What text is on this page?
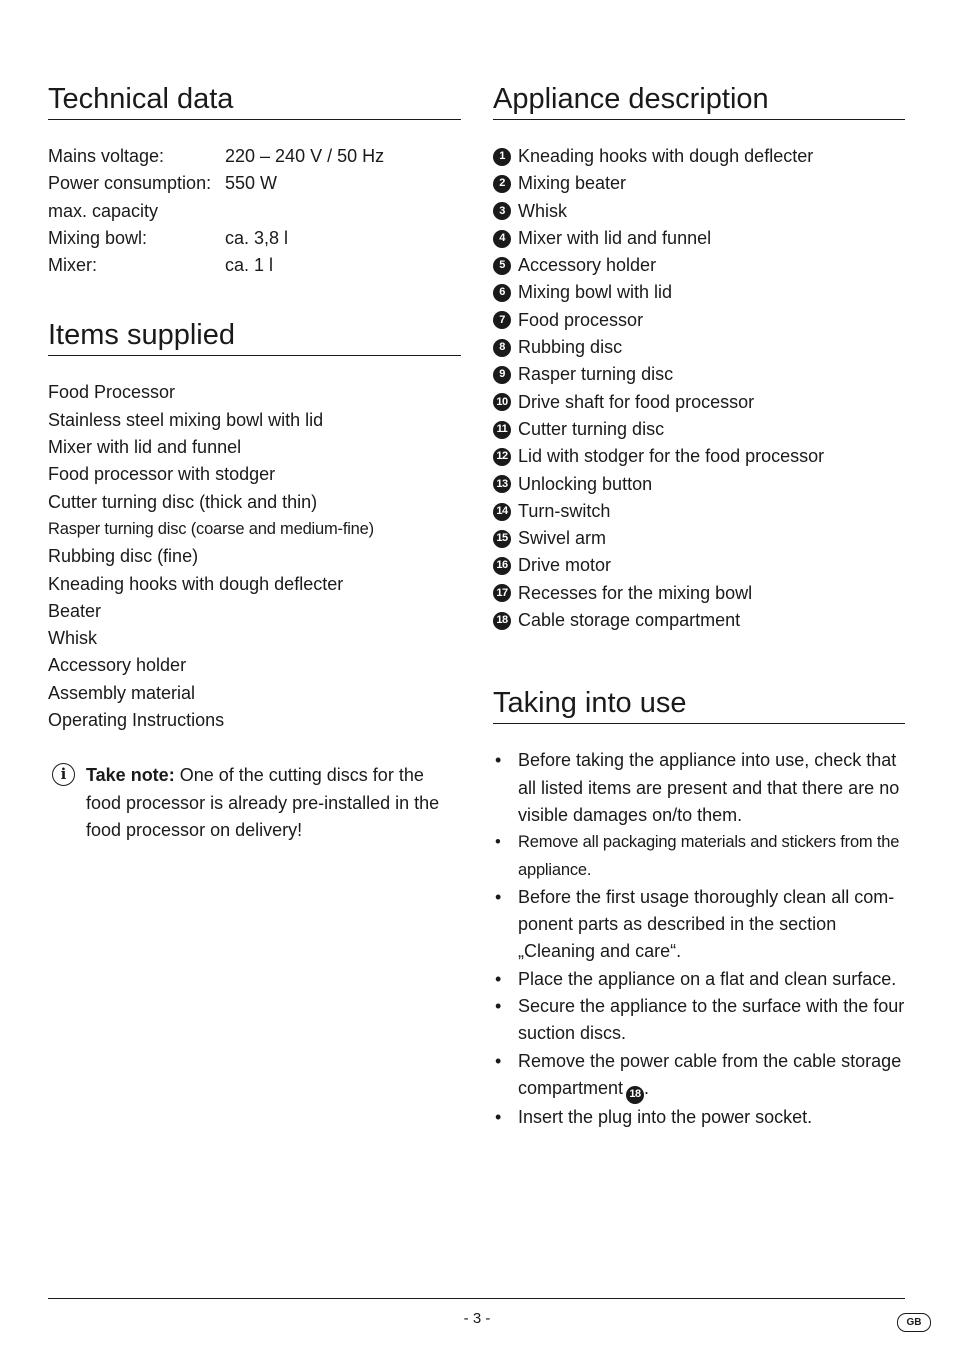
Technical data
Mains voltage:	220 – 240 V / 50 Hz
Power consumption: 550 W
max. capacity
Mixing bowl:	ca. 3,8 l
Mixer:	ca. 1 l
Items supplied
Food Processor
Stainless steel mixing bowl with lid
Mixer with lid and funnel
Food processor with stodger
Cutter turning disc (thick and thin)
Rasper turning disc (coarse and medium-fine)
Rubbing disc (fine)
Kneading hooks with dough deflecter
Beater
Whisk
Accessory holder
Assembly material
Operating Instructions
i	Take note: One of the cutting discs for the food processor is already pre-installed in the food processor on delivery!
Appliance description
1 Kneading hooks with dough deflecter
2 Mixing beater
3 Whisk
4 Mixer with lid and funnel
5 Accessory holder
6 Mixing bowl with lid
7 Food processor
8 Rubbing disc
9 Rasper turning disc
10 Drive shaft for food processor
11 Cutter turning disc
12 Lid with stodger for the food processor
13 Unlocking button
14 Turn-switch
15 Swivel arm
16 Drive motor
17 Recesses for the mixing bowl
18 Cable storage compartment
Taking into use
• Before taking the appliance into use, check that all listed items are present and that there are no visible damages on/to them.
• Remove all packaging materials and stickers from the appliance.
• Before the first usage thoroughly clean all com-ponent parts as described in the section „Cleaning and care“.
• Place the appliance on a flat and clean surface.
• Secure the appliance to the surface with the four suction discs.
• Remove the power cable from the cable storage compartment 18 .
• Insert the plug into the power socket.
- 3 -	GB
